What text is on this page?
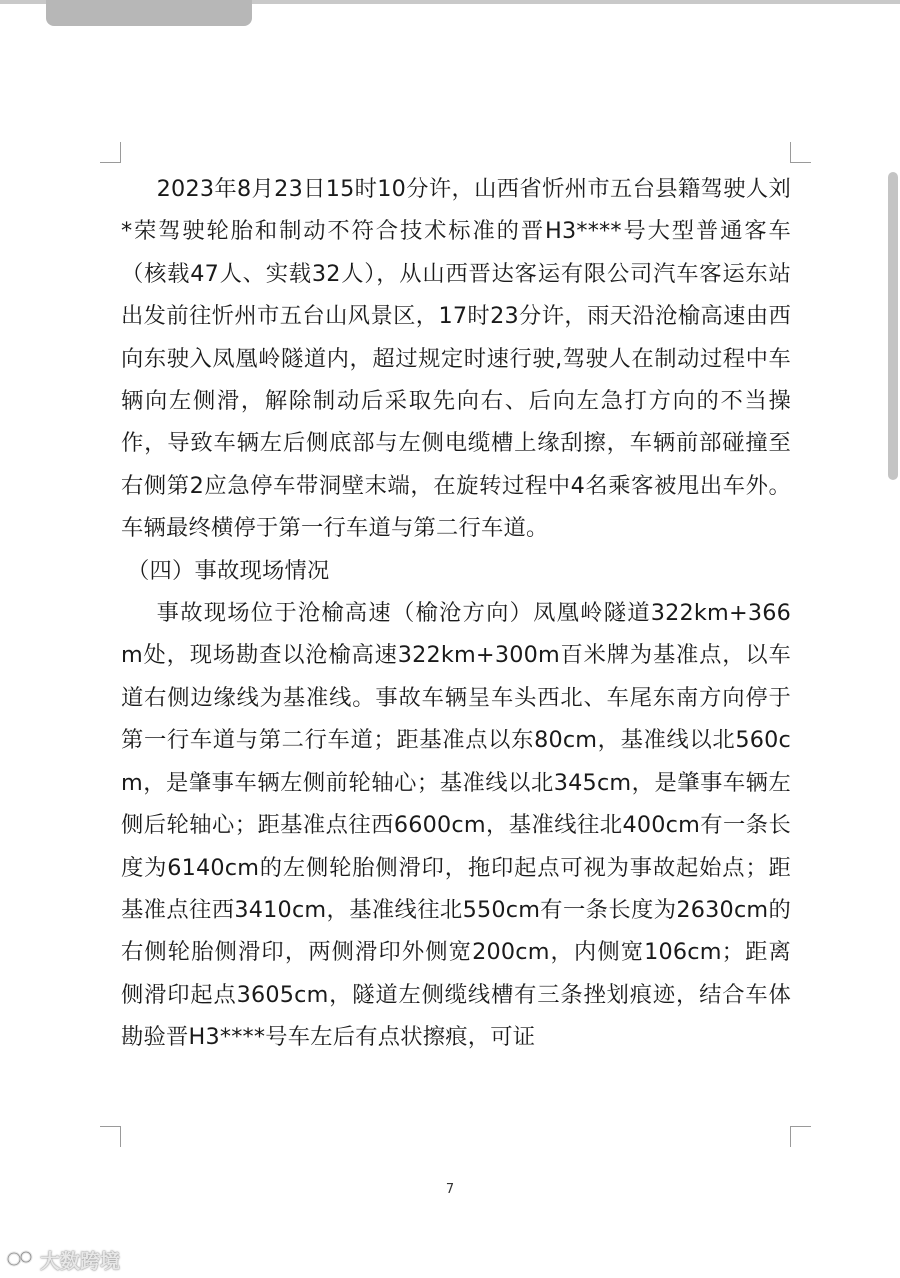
2023年8月23日15时10分许，山西省忻州市五台县籍驾驶人刘*荣驾驶轮胎和制动不符合技术标准的晋H3****号大型普通客车（核载47人、实载32人），从山西晋达客运有限公司汽车客运东站出发前往忻州市五台山风景区，17时23分许，雨天沿沧榆高速由西向东驶入凤凰岭隧道内，超过规定时速行驶,驾驶人在制动过程中车辆向左侧滑，解除制动后采取先向右、后向左急打方向的不当操作，导致车辆左后侧底部与左侧电缆槽上缘刮擦，车辆前部碰撞至右侧第2应急停车带洞壁末端，在旋转过程中4名乘客被甩出车外。车辆最终横停于第一行车道与第二行车道。

（四）事故现场情况

事故现场位于沧榆高速（榆沧方向）凤凰岭隧道322km+366m处，现场勘查以沧榆高速322km+300m百米牌为基准点，以车道右侧边缘线为基准线。事故车辆呈车头西北、车尾东南方向停于第一行车道与第二行车道；距基准点以东80cm，基准线以北560cm，是肇事车辆左侧前轮轴心；基准线以北345cm，是肇事车辆左侧后轮轴心；距基准点往西6600cm，基准线往北400cm有一条长度为6140cm的左侧轮胎侧滑印，拖印起点可视为事故起始点；距基准点往西3410cm，基准线往北550cm有一条长度为2630cm的右侧轮胎侧滑印，两侧滑印外侧宽200cm，内侧宽106cm；距离侧滑印起点3605cm，隧道左侧缆线槽有三条挫划痕迹，结合车体勘验晋H3****号车左后有点状擦痕，可证

7
大数跨境
